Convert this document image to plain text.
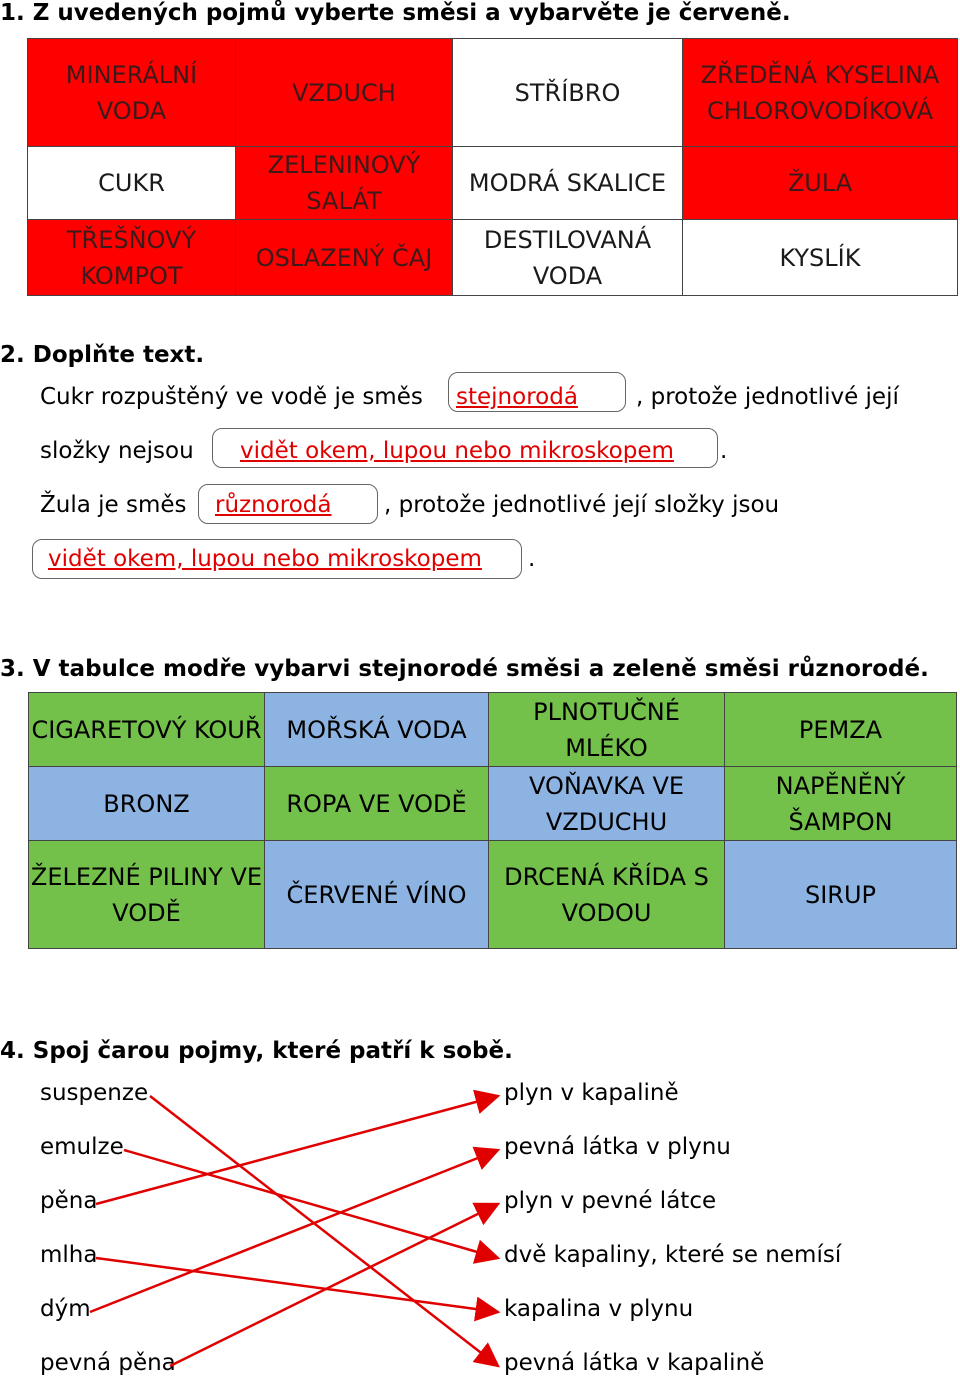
1. Z uvedených pojmů vyberte směsi a vybarvěte je červeně.
MINERÁLNÍ VODA	VZDUCH	STŘÍBRO	ZŘEDĚNÁ KYSELINA CHLOROVODÍKOVÁ
CUKR	ZELENINOVÝ SALÁT	MODRÁ SKALICE	ŽULA
TŘEŠŇOVÝ KOMPOT	OSLAZENÝ ČAJ	DESTILOVANÁ VODA	KYSLÍK
2. Doplňte text.
Cukr rozpuštěný ve vodě je směs stejnorodá	, protože jednotlivé její
složky nejsou vidět okem, lupou nebo mikroskopem .
Žula je směs různorodá , protože jednotlivé její složky jsou
vidět okem, lupou nebo mikroskopem .
3. V tabulce modře vybarvi stejnorodé směsi a zeleně směsi různorodé.
CIGARETOVÝ KOUŘ	MOŘSKÁ VODA	PLNOTUČNÉ MLÉKO	PEMZA
BRONZ	ROPA VE VODĚ	VOŇAVKA VE VZDUCHU	NAPĚNĚNÝ ŠAMPON
ŽELEZNÉ PILINY VE VODĚ	ČERVENÉ VÍNO	DRCENÁ KŘÍDA S VODOU	SIRUP
4. Spoj čarou pojmy, které patří k sobě.
suspenze
emulze
pěna
mlha
dým
pevná pěna
plyn v kapalině
pevná látka v plynu
plyn v pevné látce
dvě kapaliny, které se nemísí
kapalina v plynu
pevná látka v kapalině
